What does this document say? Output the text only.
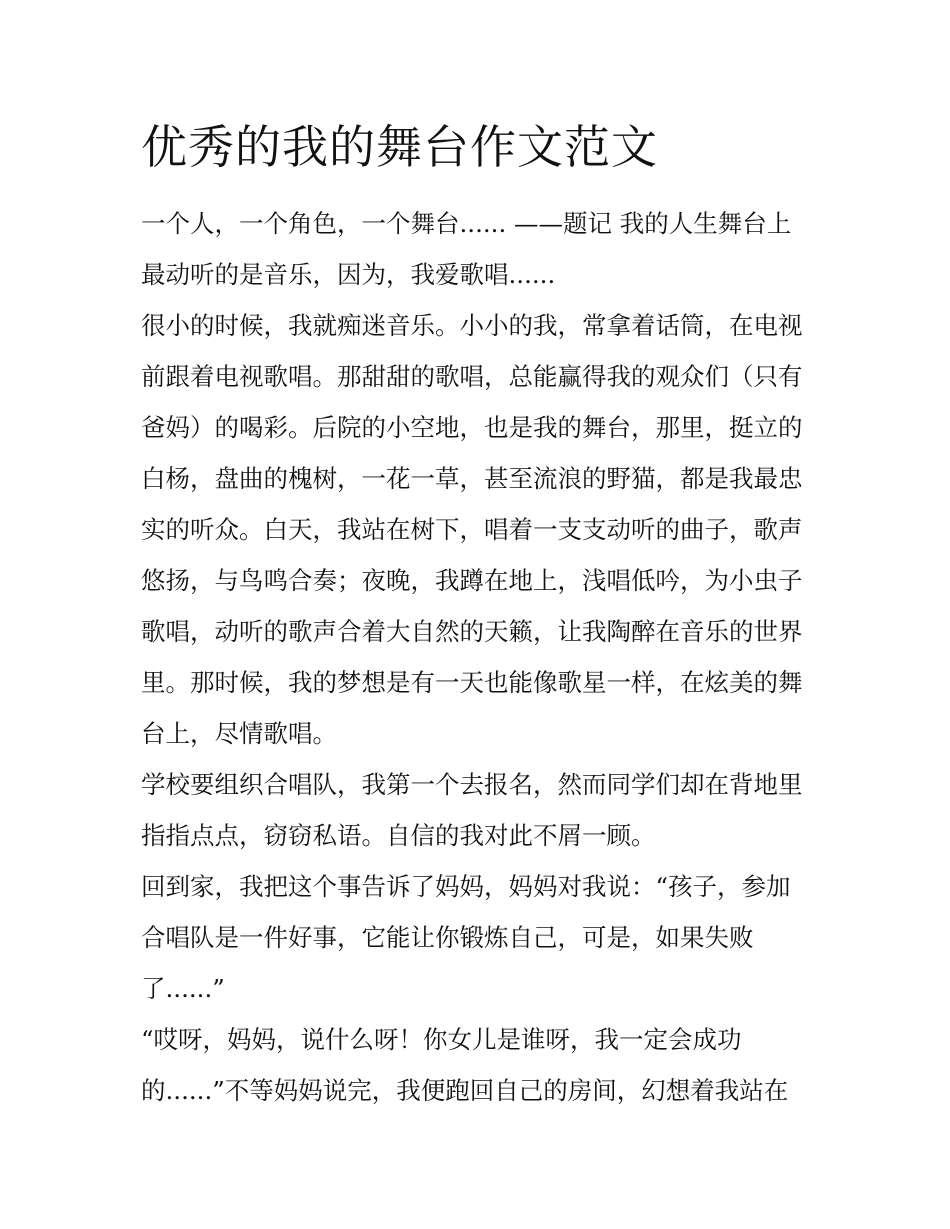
优秀的我的舞台作文范文

一个人，一个角色，一个舞台...... ——题记 我的人生舞台上
最动听的是音乐，因为，我爱歌唱......

很小的时候，我就痴迷音乐。小小的我，常拿着话筒，在电视
前跟着电视歌唱。那甜甜的歌唱，总能赢得我的观众们（只有
爸妈）的喝彩。后院的小空地，也是我的舞台，那里，挺立的
白杨，盘曲的槐树，一花一草，甚至流浪的野猫，都是我最忠
实的听众。白天，我站在树下，唱着一支支动听的曲子，歌声
悠扬，与鸟鸣合奏；夜晚，我蹲在地上，浅唱低吟，为小虫子
歌唱，动听的歌声合着大自然的天籁，让我陶醉在音乐的世界
里。那时候，我的梦想是有一天也能像歌星一样，在炫美的舞
台上，尽情歌唱。

学校要组织合唱队，我第一个去报名，然而同学们却在背地里
指指点点，窃窃私语。自信的我对此不屑一顾。

回到家，我把这个事告诉了妈妈，妈妈对我说：“孩子，参加
合唱队是一件好事，它能让你锻炼自己，可是，如果失败
了......”

“哎呀，妈妈，说什么呀！你女儿是谁呀，我一定会成功
的......”不等妈妈说完，我便跑回自己的房间，幻想着我站在
